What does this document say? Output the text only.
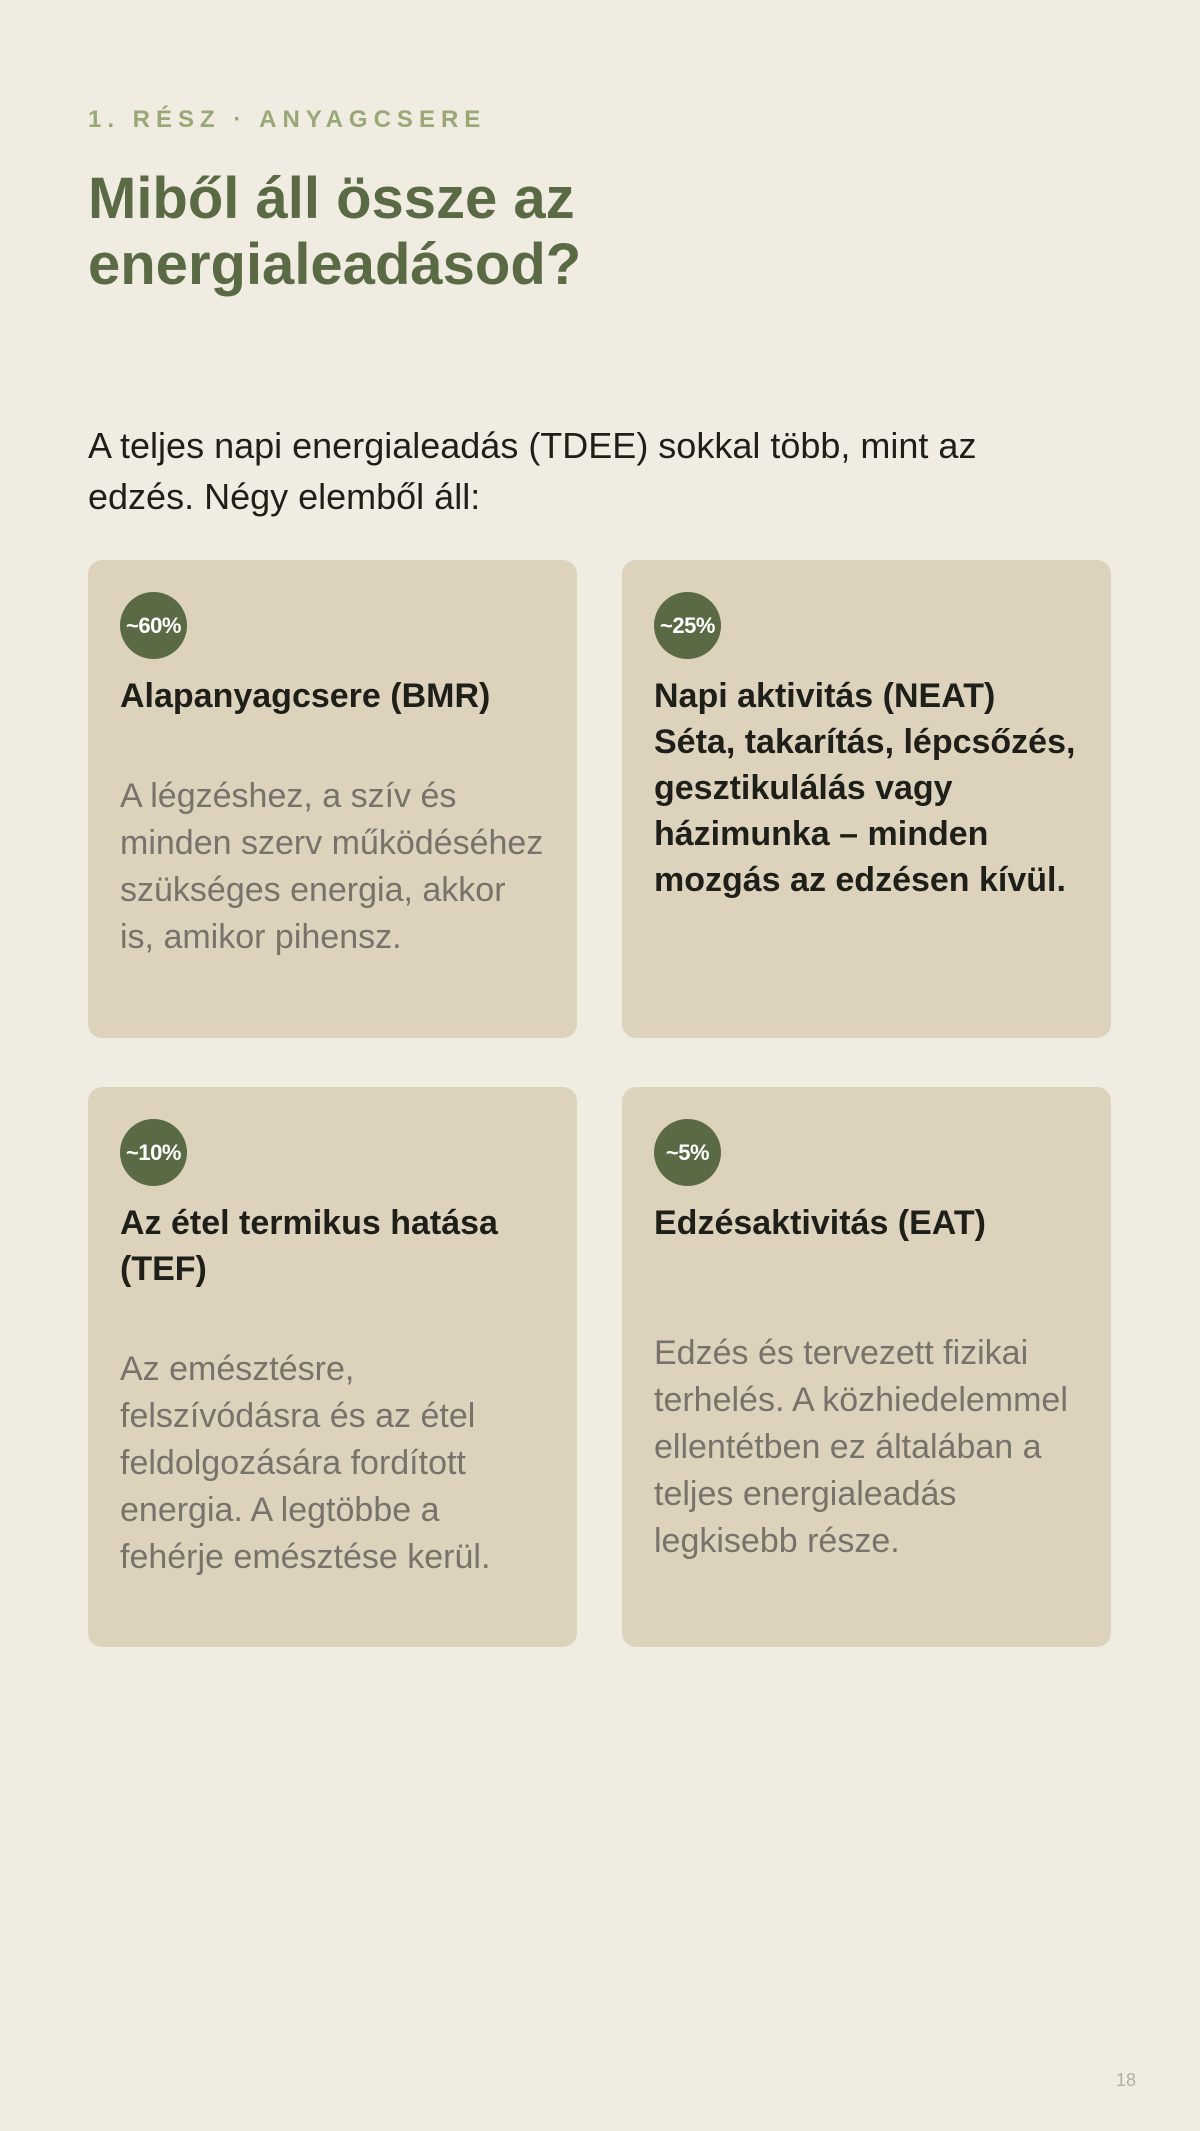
1. RÉSZ · ANYAGCSERE
Miből áll össze az energialeadásod?

A teljes napi energialeadás (TDEE) sokkal több, mint az edzés. Négy elemből áll:

~60%
Alapanyagcsere (BMR)

A légzéshez, a szív és minden szerv működéséhez szükséges energia, akkor is, amikor pihensz.

~25%
Napi aktivitás (NEAT) Séta, takarítás, lépcsőzés, gesztikulálás vagy házimunka – minden mozgás az edzésen kívül.
~10%
Az étel termikus hatása (TEF)

Az emésztésre, felszívódásra és az étel feldolgozására fordított energia. A legtöbbe a fehérje emésztése kerül.

~5%
Edzésaktivitás (EAT)

Edzés és tervezett fizikai terhelés. A közhiedelemmel ellentétben ez általában a teljes energialeadás legkisebb része.

18
